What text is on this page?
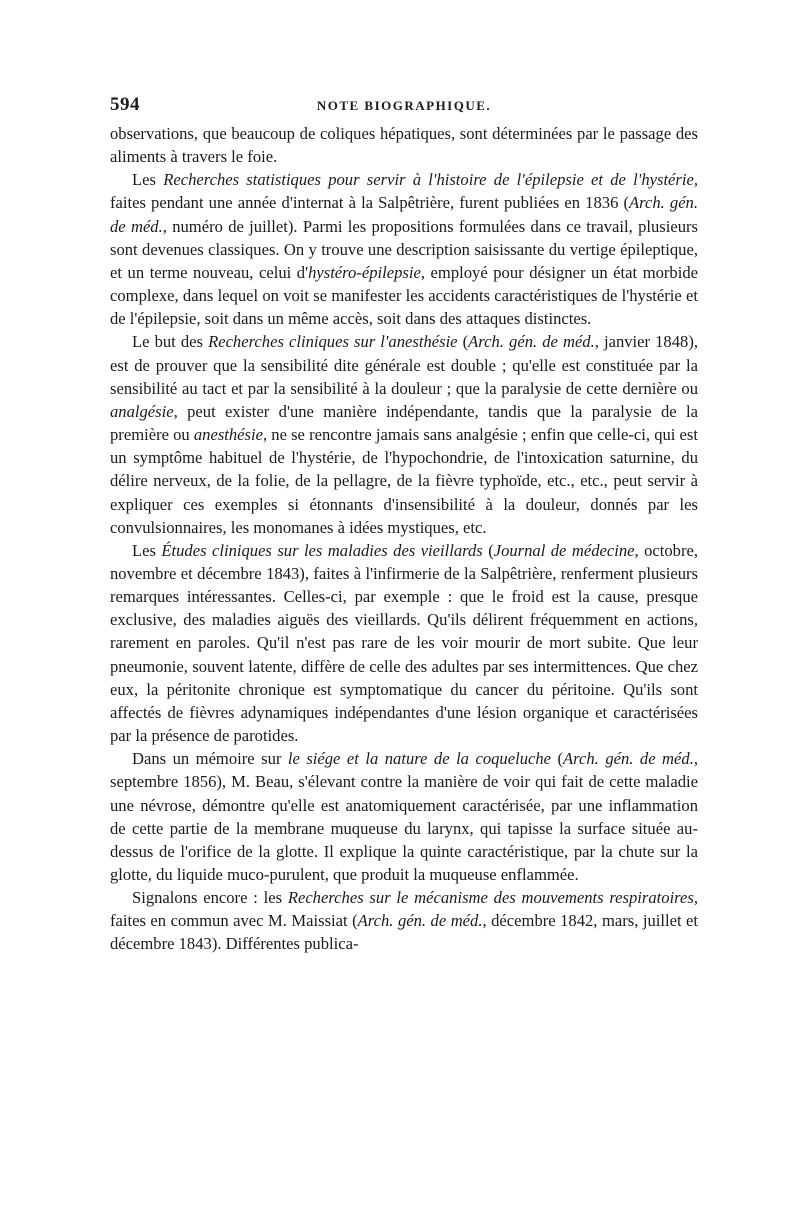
594	NOTE BIOGRAPHIQUE.

observations, que beaucoup de coliques hépatiques, sont déterminées par le passage des aliments à travers le foie.

Les Recherches statistiques pour servir à l'histoire de l'épilepsie et de l'hystérie, faites pendant une année d'internat à la Salpêtrière, furent publiées en 1836 (Arch. gén. de méd., numéro de juillet). Parmi les propositions formulées dans ce travail, plusieurs sont devenues classiques. On y trouve une description saisissante du vertige épileptique, et un terme nouveau, celui d'hystéro-épilepsie, employé pour désigner un état morbide complexe, dans lequel on voit se manifester les accidents caractéristiques de l'hystérie et de l'épilepsie, soit dans un même accès, soit dans des attaques distinctes.

Le but des Recherches cliniques sur l'anesthésie (Arch. gén. de méd., janvier 1848), est de prouver que la sensibilité dite générale est double ; qu'elle est constituée par la sensibilité au tact et par la sensibilité à la douleur ; que la paralysie de cette dernière ou analgésie, peut exister d'une manière indépendante, tandis que la paralysie de la première ou anesthésie, ne se rencontre jamais sans analgésie ; enfin que celle-ci, qui est un symptôme habituel de l'hystérie, de l'hypochondrie, de l'intoxication saturnine, du délire nerveux, de la folie, de la pellagre, de la fièvre typhoïde, etc., etc., peut servir à expliquer ces exemples si étonnants d'insensibilité à la douleur, donnés par les convulsionnaires, les monomanes à idées mystiques, etc.

Les Études cliniques sur les maladies des vieillards (Journal de médecine, octobre, novembre et décembre 1843), faites à l'infirmerie de la Salpêtrière, renferment plusieurs remarques intéressantes. Celles-ci, par exemple : que le froid est la cause, presque exclusive, des maladies aiguës des vieillards. Qu'ils délirent fréquemment en actions, rarement en paroles. Qu'il n'est pas rare de les voir mourir de mort subite. Que leur pneumonie, souvent latente, diffère de celle des adultes par ses intermittences. Que chez eux, la péritonite chronique est symptomatique du cancer du péritoine. Qu'ils sont affectés de fièvres adynamiques indépendantes d'une lésion organique et caractérisées par la présence de parotides.

Dans un mémoire sur le siége et la nature de la coqueluche (Arch. gén. de méd., septembre 1856), M. Beau, s'élevant contre la manière de voir qui fait de cette maladie une névrose, démontre qu'elle est anatomiquement caractérisée, par une inflammation de cette partie de la membrane muqueuse du larynx, qui tapisse la surface située au-dessus de l'orifice de la glotte. Il explique la quinte caractéristique, par la chute sur la glotte, du liquide muco-purulent, que produit la muqueuse enflammée.

Signalons encore : les Recherches sur le mécanisme des mouvements respiratoires, faites en commun avec M. Maissiat (Arch. gén. de méd., décembre 1842, mars, juillet et décembre 1843). Différentes publica-
